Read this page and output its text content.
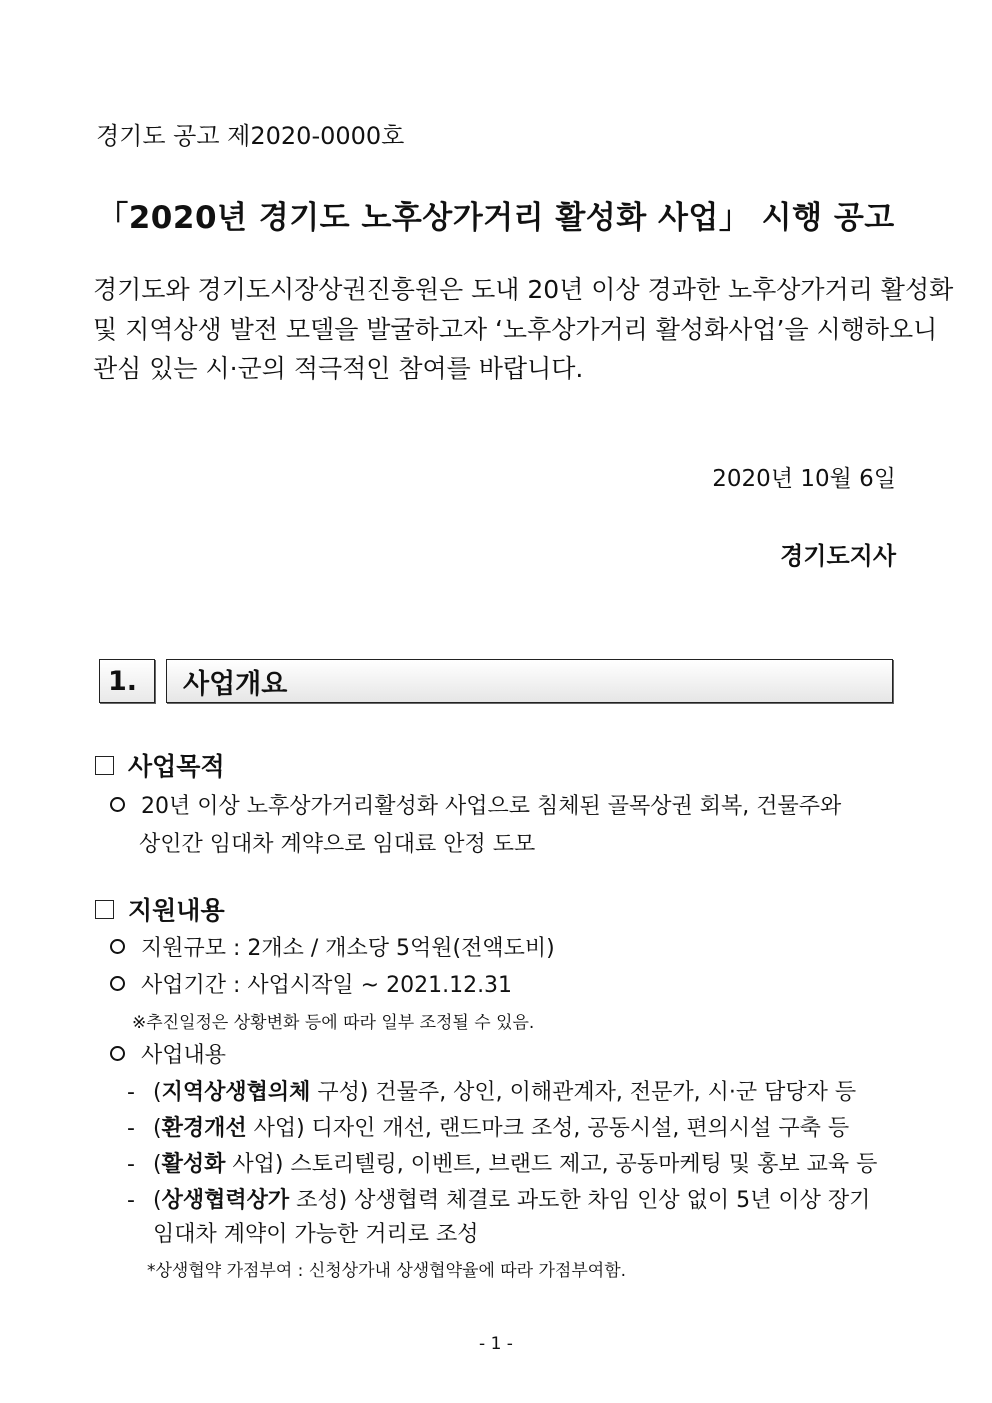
경기도 공고 제2020-0000호
「2020년 경기도 노후상가거리 활성화 사업」 시행 공고
경기도와 경기도시장상권진흥원은 도내 20년 이상 경과한 노후상가거리 활성화
및 지역상생 발전 모델을 발굴하고자 ‘노후상가거리 활성화사업’을 시행하오니
관심 있는 시·군의 적극적인 참여를 바랍니다.
2020년 10월 6일
경기도지사
1.	사업개요
사업목적
20년 이상 노후상가거리활성화 사업으로 침체된 골목상권 회복, 건물주와
상인간 임대차 계약으로 임대료 안정 도모
지원내용
지원규모 : 2개소 / 개소당 5억원(전액도비)
사업기간 : 사업시작일 ~ 2021.12.31
※추진일정은 상황변화 등에 따라 일부 조정될 수 있음.
사업내용
- (지역상생협의체 구성) 건물주, 상인, 이해관계자, 전문가, 시·군 담당자 등
- (환경개선 사업) 디자인 개선, 랜드마크 조성, 공동시설, 편의시설 구축 등
- (활성화 사업) 스토리텔링, 이벤트, 브랜드 제고, 공동마케팅 및 홍보 교육 등
- (상생협력상가 조성) 상생협력 체결로 과도한 차임 인상 없이 5년 이상 장기
임대차 계약이 가능한 거리로 조성
*상생협약 가점부여 : 신청상가내 상생협약율에 따라 가점부여함.
- 1 -
